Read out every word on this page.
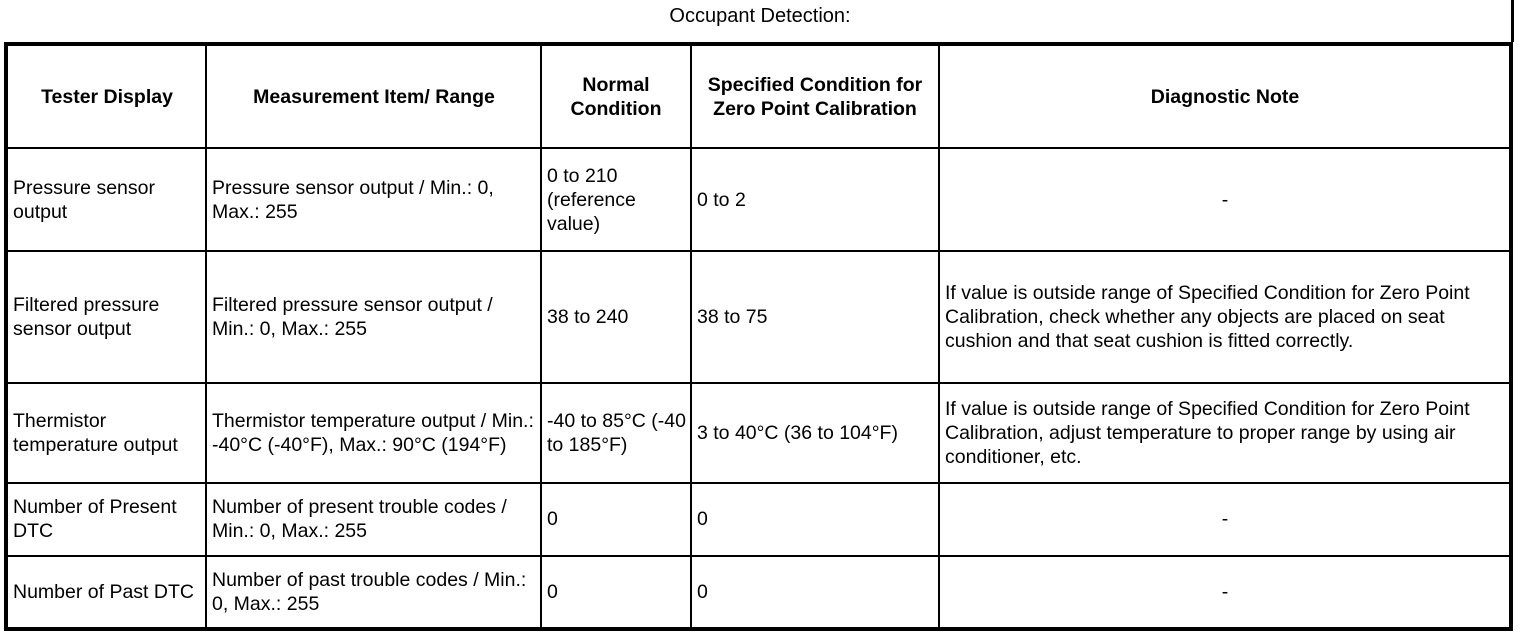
Occupant Detection:
Tester Display	Measurement Item/ Range	Normal Condition	Specified Condition for Zero Point Calibration	Diagnostic Note
Pressure sensor output	Pressure sensor output / Min.: 0, Max.: 255	0 to 210 (reference value)	0 to 2	-
Filtered pressure sensor output	Filtered pressure sensor output / Min.: 0, Max.: 255	38 to 240	38 to 75	If value is outside range of Specified Condition for Zero Point Calibration, check whether any objects are placed on seat cushion and that seat cushion is fitted correctly.
Thermistor temperature output	Thermistor temperature output / Min.: -40°C (-40°F), Max.: 90°C (194°F)	-40 to 85°C (-40 to 185°F)	3 to 40°C (36 to 104°F)	If value is outside range of Specified Condition for Zero Point Calibration, adjust temperature to proper range by using air conditioner, etc.
Number of Present DTC	Number of present trouble codes / Min.: 0, Max.: 255	0	0	-
Number of Past DTC	Number of past trouble codes / Min.: 0, Max.: 255	0	0	-
